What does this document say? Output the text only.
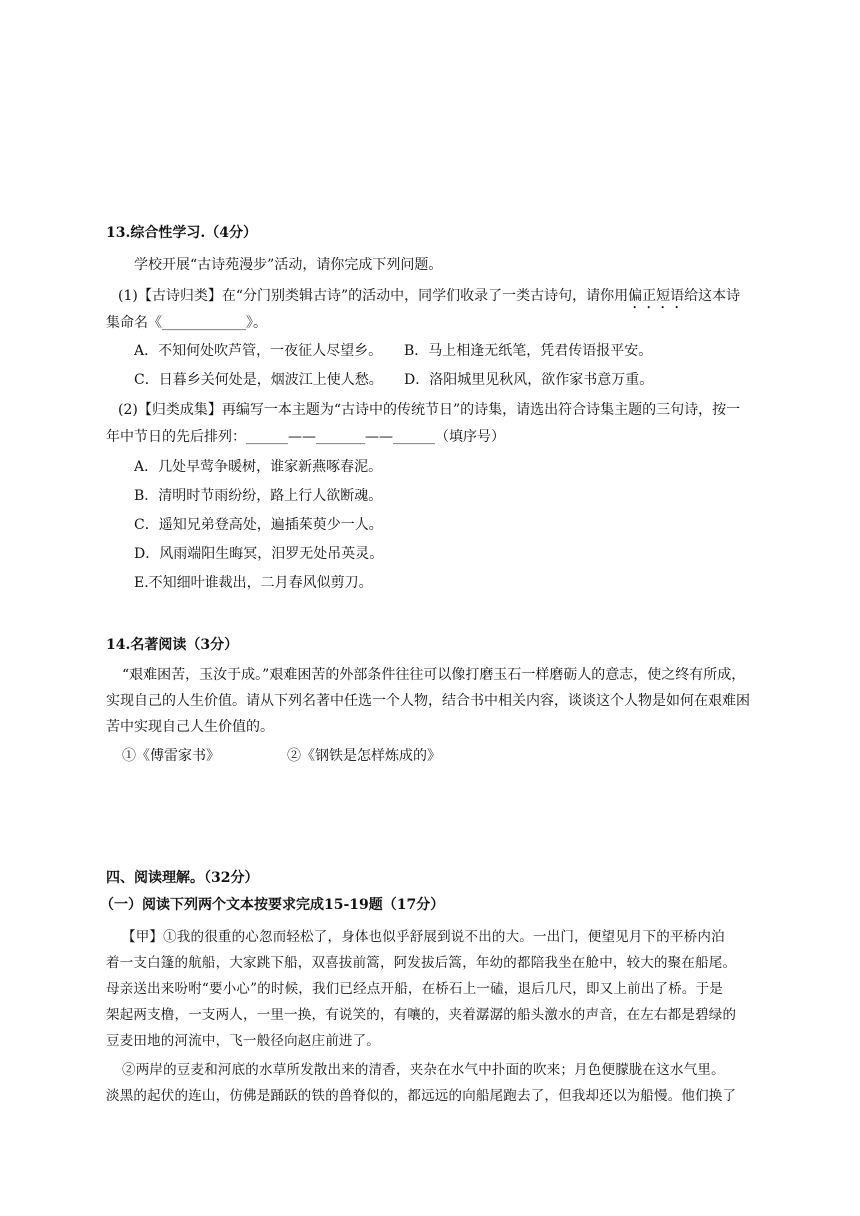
13.综合性学习.（4分）
学校开展“古诗苑漫步”活动，请你完成下列问题。
(1)【古诗归类】在“分门别类辑古诗”的活动中，同学们收录了一类古诗句，请你用偏正短语给这本诗
集命名《____________》。
A．不知何处吹芦管，一夜征人尽望乡。 B．马上相逢无纸笔，凭君传语报平安。
C．日暮乡关何处是，烟波江上使人愁。 D．洛阳城里见秋风，欲作家书意万重。
(2)【归类成集】再编写一本主题为“古诗中的传统节日”的诗集，请选出符合诗集主题的三句诗，按一
年中节日的先后排列：______——_______——______（填序号）
A．几处早莺争暖树，谁家新燕啄春泥。
B．清明时节雨纷纷，路上行人欲断魂。
C．遥知兄弟登高处，遍插茱萸少一人。
D．风雨端阳生晦冥，汨罗无处吊英灵。
E.不知细叶谁裁出，二月春风似剪刀。
14.名著阅读（3分）
“艰难困苦，玉汝于成。”艰难困苦的外部条件往往可以像打磨玉石一样磨砺人的意志，使之终有所成，
实现自己的人生价值。请从下列名著中任选一个人物，结合书中相关内容，谈谈这个人物是如何在艰难困
苦中实现自己人生价值的。
①《傅雷家书》	②《钢铁是怎样炼成的》
四、阅读理解。（32分）
（一）阅读下列两个文本按要求完成15-19题（17分）
【甲】①我的很重的心忽而轻松了，身体也似乎舒展到说不出的大。一出门，便望见月下的平桥内泊
着一支白篷的航船，大家跳下船，双喜拔前篙，阿发拔后篙，年幼的都陪我坐在舱中，较大的聚在船尾。
母亲送出来吩咐“要小心”的时候，我们已经点开船，在桥石上一磕，退后几尺，即又上前出了桥。于是
架起两支橹，一支两人，一里一换，有说笑的，有嚷的，夹着潺潺的船头激水的声音，在左右都是碧绿的
豆麦田地的河流中，飞一般径向赵庄前进了。
②两岸的豆麦和河底的水草所发散出来的清香，夹杂在水气中扑面的吹来；月色便朦胧在这水气里。
淡黑的起伏的连山，仿佛是踊跃的铁的兽脊似的，都远远的向船尾跑去了，但我却还以为船慢。他们换了
